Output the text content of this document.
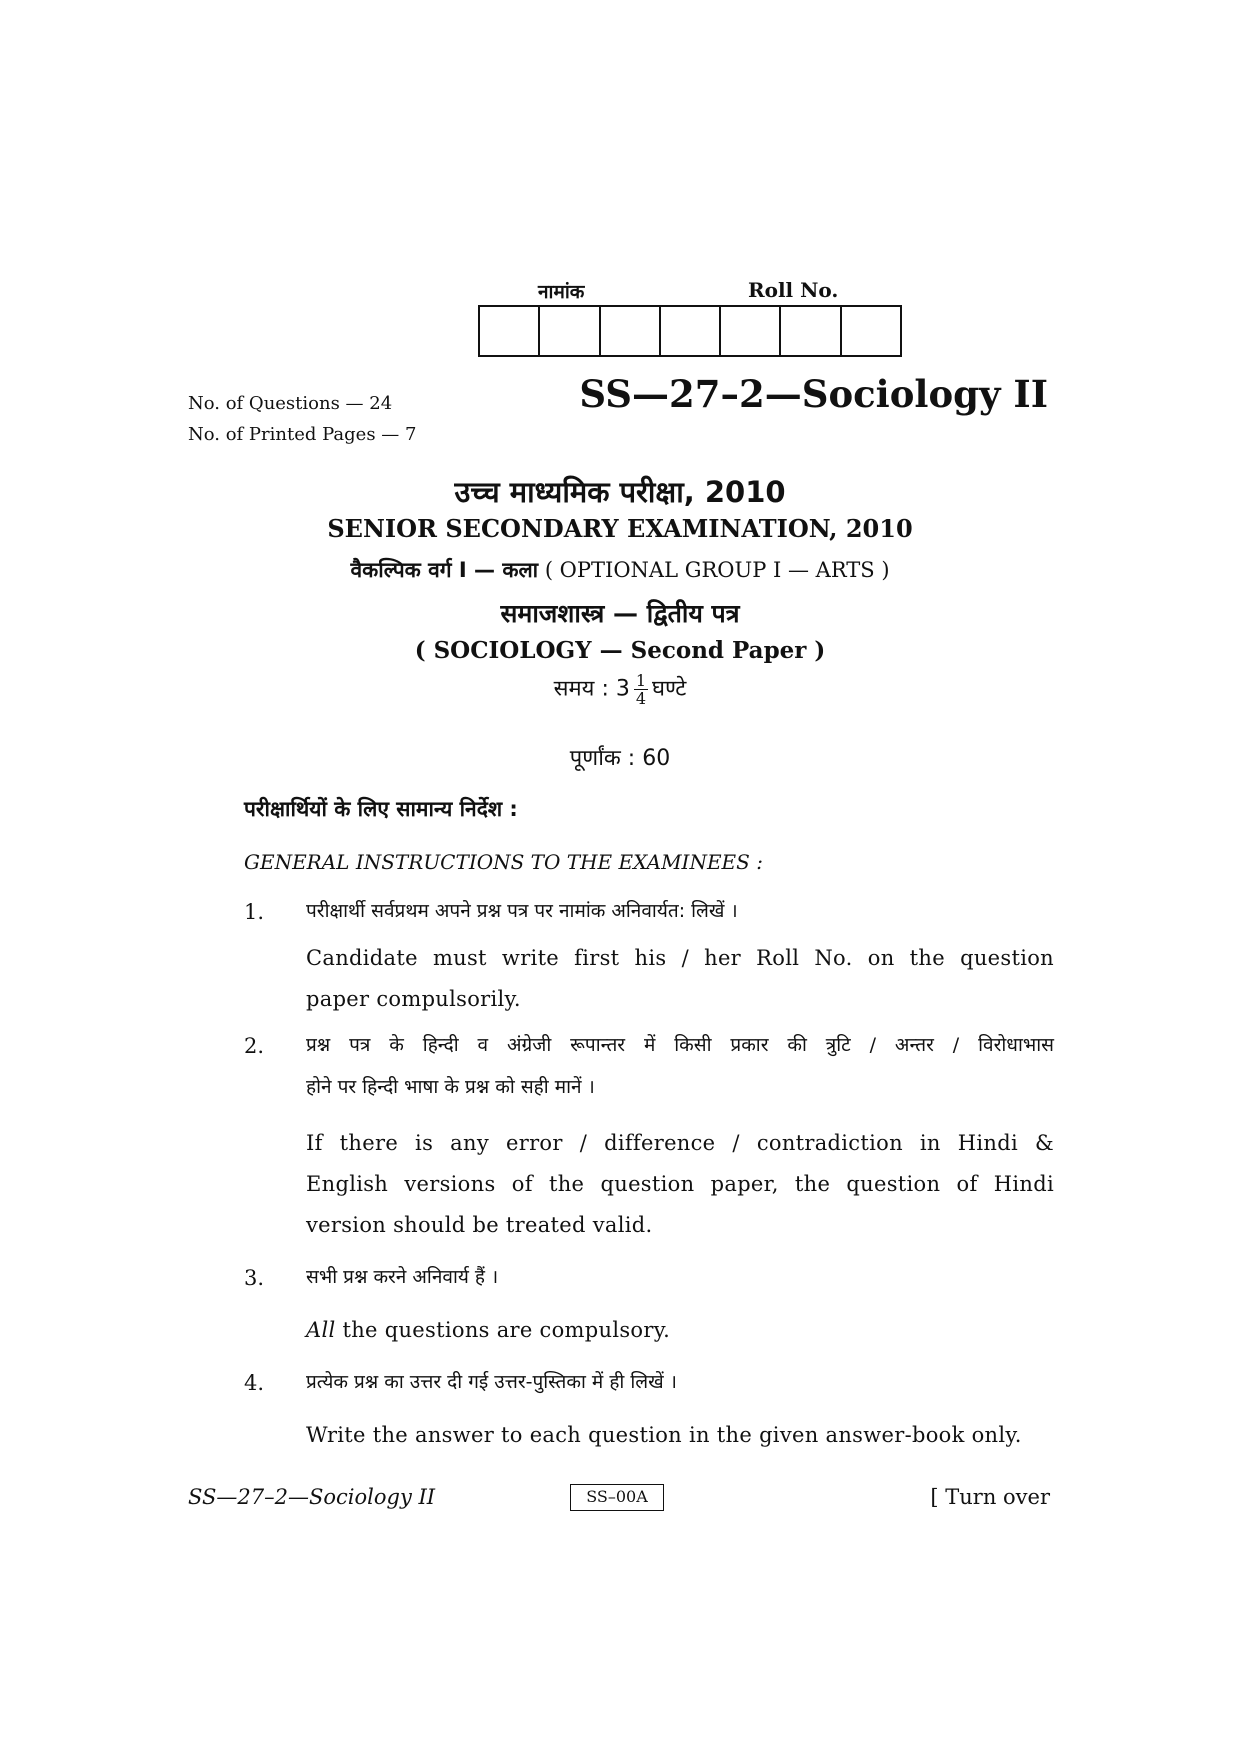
नामांक	Roll No.
No. of Questions — 24
No. of Printed Pages — 7
SS—27–2—Sociology II
उच्च माध्यमिक परीक्षा, 2010
SENIOR SECONDARY EXAMINATION, 2010
वैकल्पिक वर्ग I — कला ( OPTIONAL GROUP I — ARTS )
समाजशास्त्र — द्वितीय पत्र
( SOCIOLOGY — Second Paper )
समय : $3 \frac{1}{4}$ घण्टे
पूर्णांक : 60
परीक्षार्थियों के लिए सामान्य निर्देश :
GENERAL INSTRUCTIONS TO THE EXAMINEES :
1. परीक्षार्थी सर्वप्रथम अपने प्रश्न पत्र पर नामांक अनिवार्यत: लिखें ।
Candidate must write first his / her Roll No. on the question
paper compulsorily.
2. प्रश्न पत्र के हिन्दी व अंग्रेजी रूपान्तर में किसी प्रकार की त्रुटि / अन्तर / विरोधाभास
होने पर हिन्दी भाषा के प्रश्न को सही मानें ।
If there is any error / difference / contradiction in Hindi &
English versions of the question paper, the question of Hindi
version should be treated valid.
3. सभी प्रश्न करने अनिवार्य हैं ।
All the questions are compulsory.
4. प्रत्येक प्रश्न का उत्तर दी गई उत्तर-पुस्तिका में ही लिखें ।
Write the answer to each question in the given answer-book only.
SS—27–2—Sociology II	SS–00A	[ Turn over
